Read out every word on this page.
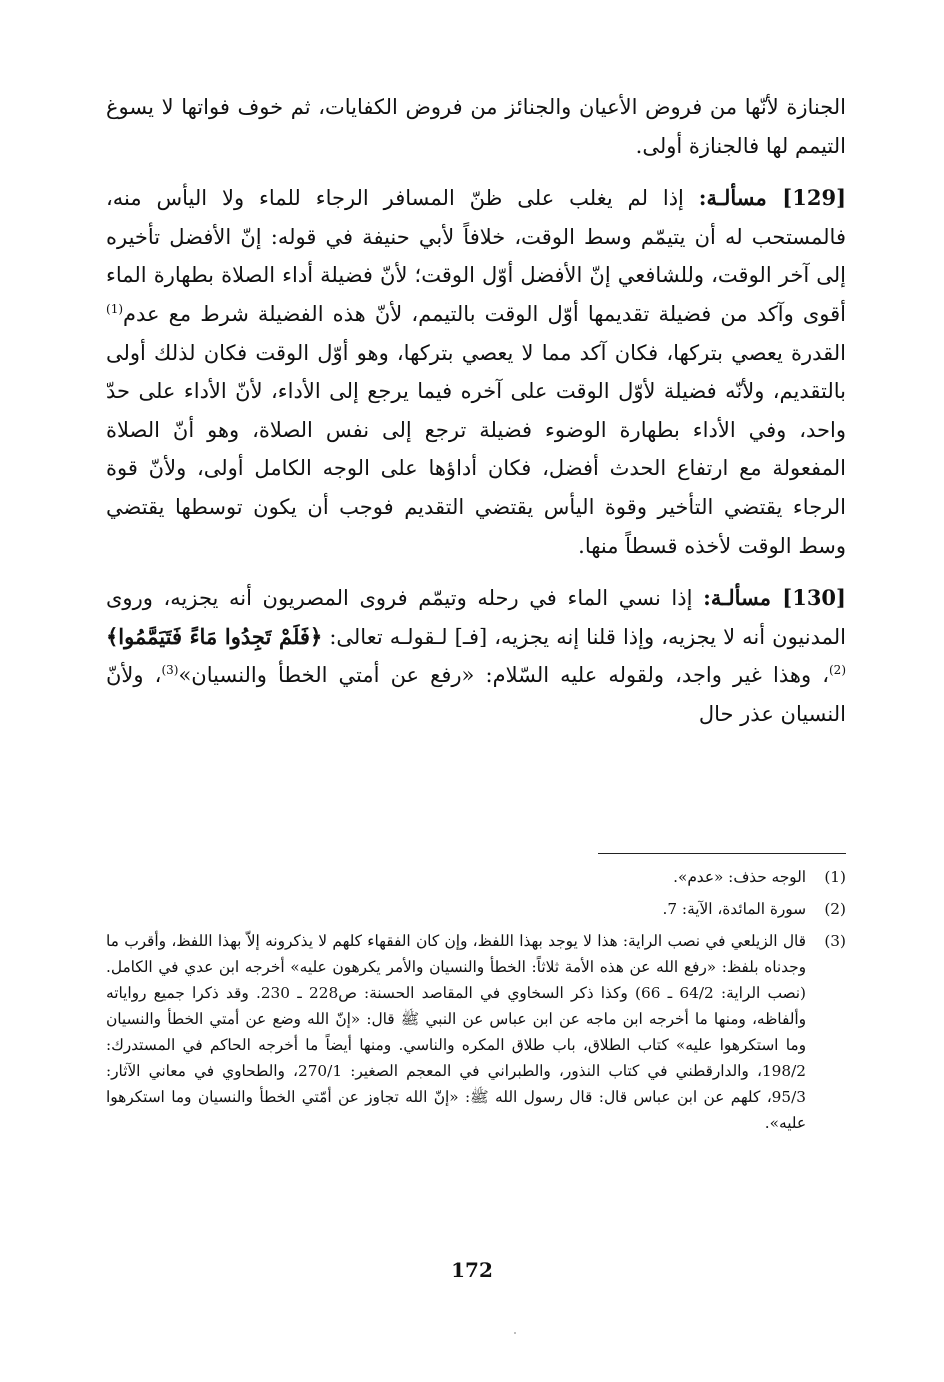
الجنازة لأنّها من فروض الأعيان والجنائز من فروض الكفايات، ثم خوف فواتها لا يسوغ التيمم لها فالجنازة أولى.

[129] مسألـة: إذا لم يغلب على ظنّ المسافر الرجاء للماء ولا اليأس منه، فالمستحب له أن يتيمّم وسط الوقت، خلافاً لأبي حنيفة في قوله: إنّ الأفضل تأخيره إلى آخر الوقت، وللشافعي إنّ الأفضل أوّل الوقت؛ لأنّ فضيلة أداء الصلاة بطهارة الماء أقوى وآكد من فضيلة تقديمها أوّل الوقت بالتيمم، لأنّ هذه الفضيلة شرط مع عدم$^{(1)}$ القدرة يعصي بتركها، فكان آكد مما لا يعصي بتركها، وهو أوّل الوقت فكان لذلك أولى بالتقديم، ولأنّه فضيلة لأوّل الوقت على آخره فيما يرجع إلى الأداء، لأنّ الأداء على حدّ واحد، وفي الأداء بطهارة الوضوء فضيلة ترجع إلى نفس الصلاة، وهو أنّ الصلاة المفعولة مع ارتفاع الحدث أفضل، فكان أداؤها على الوجه الكامل أولى، ولأنّ قوة الرجاء يقتضي التأخير وقوة اليأس يقتضي التقديم فوجب أن يكون توسطها يقتضي وسط الوقت لأخذه قسطاً منها.

[130] مسألـة: إذا نسي الماء في رحله وتيمّم فروى المصريون أنه يجزيه، وروى المدنيون أنه لا يجزيه، وإذا قلنا إنه يجزيه، [فـ] لـقولـه تعالى: ﴿فَلَمْ تَجِدُوا مَاءً فَتَيَمَّمُوا﴾$^{(2)}$، وهذا غير واجد، ولقوله عليه السّلام: «رفع عن أمتي الخطأ والنسيان»$^{(3)}$، ولأنّ النسيان عذر حال

(1)
الوجه حذف: «عدم».
(2)
سورة المائدة، الآية: 7.
(3)
قال الزيلعي في نصب الراية: هذا لا يوجد بهذا اللفظ، وإن كان الفقهاء كلهم لا يذكرونه إلاّ بهذا اللفظ، وأقرب ما وجدناه بلفظ: «رفع الله عن هذه الأمة ثلاثاً: الخطأ والنسيان والأمر يكرهون عليه» أخرجه ابن عدي في الكامل. (نصب الراية: 64/2 ـ 66) وكذا ذكر السخاوي في المقاصد الحسنة: ص228 ـ 230. وقد ذكرا جميع رواياته وألفاظه، ومنها ما أخرجه ابن ماجه عن ابن عباس عن النبي ﷺ قال: «إنّ الله وضع عن أمتي الخطأ والنسيان وما استكرهوا عليه» كتاب الطلاق، باب طلاق المكره والناسي. ومنها أيضاً ما أخرجه الحاكم في المستدرك: 198/2، والدارقطني في كتاب النذور، والطبراني في المعجم الصغير: 270/1، والطحاوي في معاني الآثار: 95/3، كلهم عن ابن عباس قال: قال رسول الله ﷺ: «إنّ الله تجاوز عن أمّتي الخطأ والنسيان وما استكرهوا عليه».
172
